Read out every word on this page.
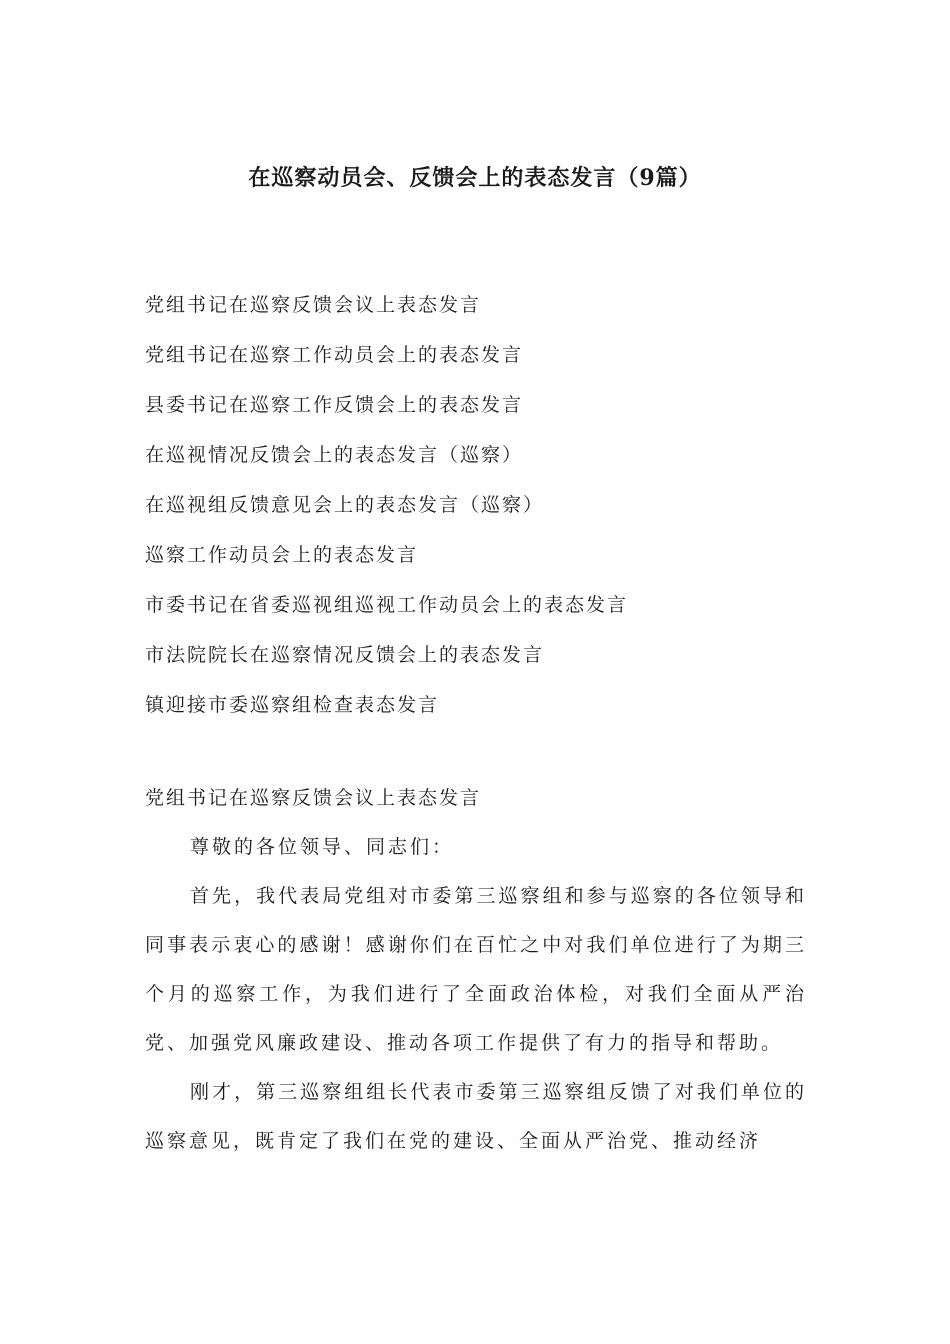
在巡察动员会、反馈会上的表态发言（9篇）
党组书记在巡察反馈会议上表态发言
党组书记在巡察工作动员会上的表态发言
县委书记在巡察工作反馈会上的表态发言
在巡视情况反馈会上的表态发言（巡察）
在巡视组反馈意见会上的表态发言（巡察）
巡察工作动员会上的表态发言
市委书记在省委巡视组巡视工作动员会上的表态发言
市法院院长在巡察情况反馈会上的表态发言
镇迎接市委巡察组检查表态发言
党组书记在巡察反馈会议上表态发言

尊敬的各位领导、同志们：

首先，我代表局党组对市委第三巡察组和参与巡察的各位领导和同事表示衷心的感谢！感谢你们在百忙之中对我们单位进行了为期三个月的巡察工作，为我们进行了全面政治体检，对我们全面从严治党、加强党风廉政建设、推动各项工作提供了有力的指导和帮助。

刚才，第三巡察组组长代表市委第三巡察组反馈了对我们单位的巡察意见，既肯定了我们在党的建设、全面从严治党、推动经济
